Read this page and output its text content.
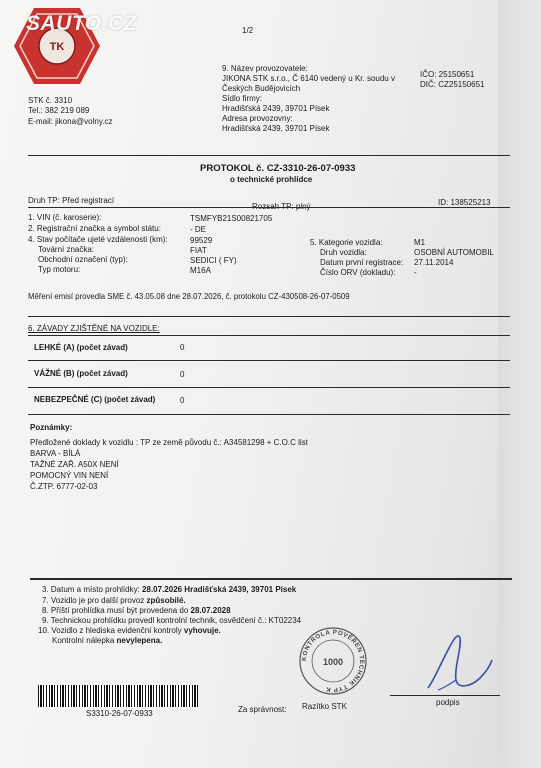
TK
SAUTO.CZ	1/2
STK č. 3310
Tel.: 382 219 089
E-mail: jikona@volny.cz
9. Název provozovatele:
JIKONA STK s.r.o., Č 6140 vedený u Kr. soudu v
Českých Budějovicích
Sídlo firmy:
Hradišťská 2439, 39701 Písek
Adresa provozovny:
Hradišťská 2439, 39701 Písek
IČO: 25150651
DIČ: CZ25150651
PROTOKOL č. CZ-3310-26-07-0933
o technické prohlídce
Druh TP: Před registrací	ID: 138525213
1. VIN (č. karoserie):	TSMFYB21S00821705
2. Registrační značka a symbol státu:	- DE
4. Stav počítače ujeté vzdálenosti (km):	99529
Tovární značka:	FIAT
Obchodní označení (typ):	SEDICI ( FY)
Typ motoru:	M16A
5. Kategorie vozidla:	M1
Druh vozidla:	OSOBNÍ AUTOMOBIL
Datum první registrace: 27.11.2014
Číslo ORV (dokladu): -
Měření emisí provedla SME č. 43.05.08 dne 28.07.2026, č. protokolu CZ-430508-26-07-0509
6. ZÁVADY ZJIŠTĚNÉ NA VOZIDLE:
LEHKÉ (A) (počet závad)	0
VÁŽNÉ (B) (počet závad)	0
NEBEZPEČNÉ (C) (počet závad)	0
Poznámky:
Předložené doklady k vozidlu : TP ze země původu č.: A34581298 + C.O.C list
BARVA - BÍLÁ
TAŽNÉ ZAŘ. A50X NENÍ
POMOCNÝ VIN NENÍ
Č.ZTP. 6777-02-03
3. Datum a místo prohlídky: 28.07.2026 Hradišťská 2439, 39701 Písek
7. Vozidlo je pro další provoz způsobilé.
8. Příští prohlídka musí být provedena do 28.07.2028
9. Technickou prohlídku provedl kontrolní technik, osvědčení č.: KT02234
10. Vozidlo z hlediska evidenční kontroly vyhovuje.
Kontrolní nálepka nevylepena.
KONTROLA POVĚŘEN TECHNIK TYP K
1000
S3310-26-07-0933	Za správnost: Razítko STK	podpis
